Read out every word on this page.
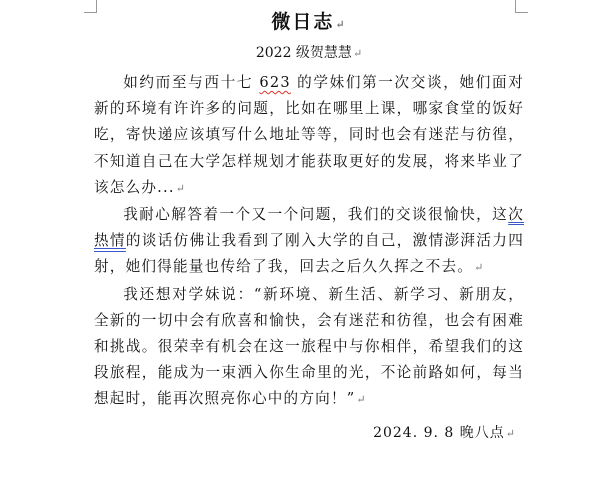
微日志↵
2022 级贺慧慧↵

如约而至与西十七 623 的学妹们第一次交谈，她们面对新的环境有许许多的问题，比如在哪里上课，哪家食堂的饭好吃，寄快递应该填写什么地址等等，同时也会有迷茫与彷徨，不知道自己在大学怎样规划才能获取更好的发展，将来毕业了该怎么办...↵

我耐心解答着一个又一个问题，我们的交谈很愉快，这次热情的谈话仿佛让我看到了刚入大学的自己，激情澎湃活力四射，她们得能量也传给了我，回去之后久久挥之不去。↵

我还想对学妹说：“新环境、新生活、新学习、新朋友，全新的一切中会有欣喜和愉快，会有迷茫和彷徨，也会有困难和挑战。很荣幸有机会在这一旅程中与你相伴，希望我们的这段旅程，能成为一束洒入你生命里的光，不论前路如何，每当想起时，能再次照亮你心中的方向！”↵

2024. 9. 8 晚八点↵
